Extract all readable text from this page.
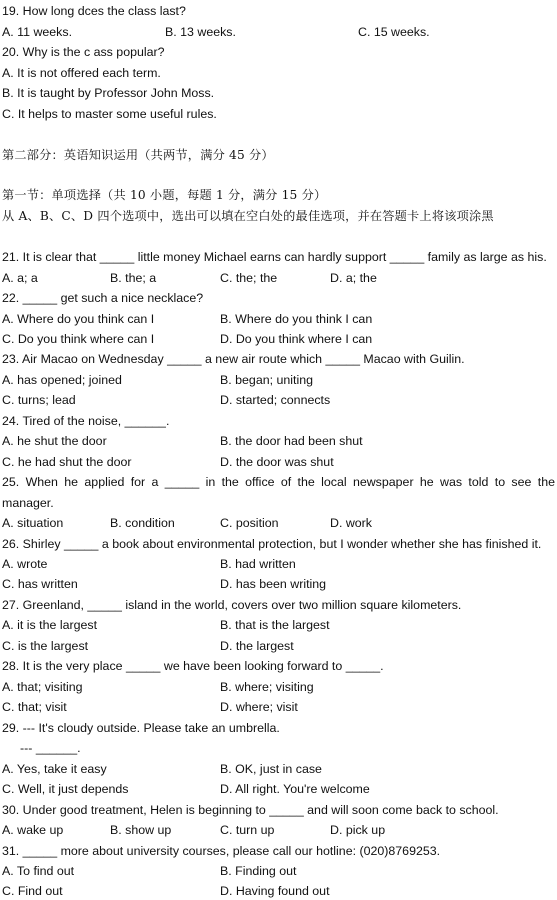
19. How long dces the class last?
A. 11 weeks.	B. 13 weeks.	C. 15 weeks.
20. Why is the c ass popular?
A. It is not offered each term.
B. It is taught by Professor John Moss.
C. It helps to master some useful rules.
第二部分：英语知识运用（共两节，满分 45 分）
第一节：单项选择（共 10 小题，每题 1 分，满分 15 分）
从 A、B、C、D 四个选项中，选出可以填在空白处的最佳选项，并在答题卡上将该项涂黑
21. It is clear that _____ little money Michael earns can hardly support _____ family as large as his.
A. a; a	B. the; a	C. the; the	D. a; the
22. _____ get such a nice necklace?
A. Where do you think can I	B. Where do you think I can
C. Do you think where can I	D. Do you think where I can
23. Air Macao on Wednesday _____ a new air route which _____ Macao with Guilin.
A. has opened; joined	B. began; uniting
C. turns; lead	D. started; connects
24. Tired of the noise, ______.
A. he shut the door	B. the door had been shut
C. he had shut the door	D. the door was shut
25. When he applied for a _____ in the office of the local newspaper he was told to see the
manager.
A. situation	B. condition	C. position	D. work
26. Shirley _____ a book about environmental protection, but I wonder whether she has finished it.
A. wrote	B. had written
C. has written	D. has been writing
27. Greenland, _____ island in the world, covers over two million square kilometers.
A. it is the largest	B. that is the largest
C. is the largest	D. the largest
28. It is the very place _____ we have been looking forward to _____.
A. that; visiting	B. where; visiting
C. that; visit	D. where; visit
29. --- It's cloudy outside. Please take an umbrella.
--- ______.
A. Yes, take it easy	B. OK, just in case
C. Well, it just depends	D. All right. You're welcome
30. Under good treatment, Helen is beginning to _____ and will soon come back to school.
A. wake up	B. show up	C. turn up	D. pick up
31. _____ more about university courses, please call our hotline: (020)8769253.
A. To find out	B. Finding out
C. Find out	D. Having found out
